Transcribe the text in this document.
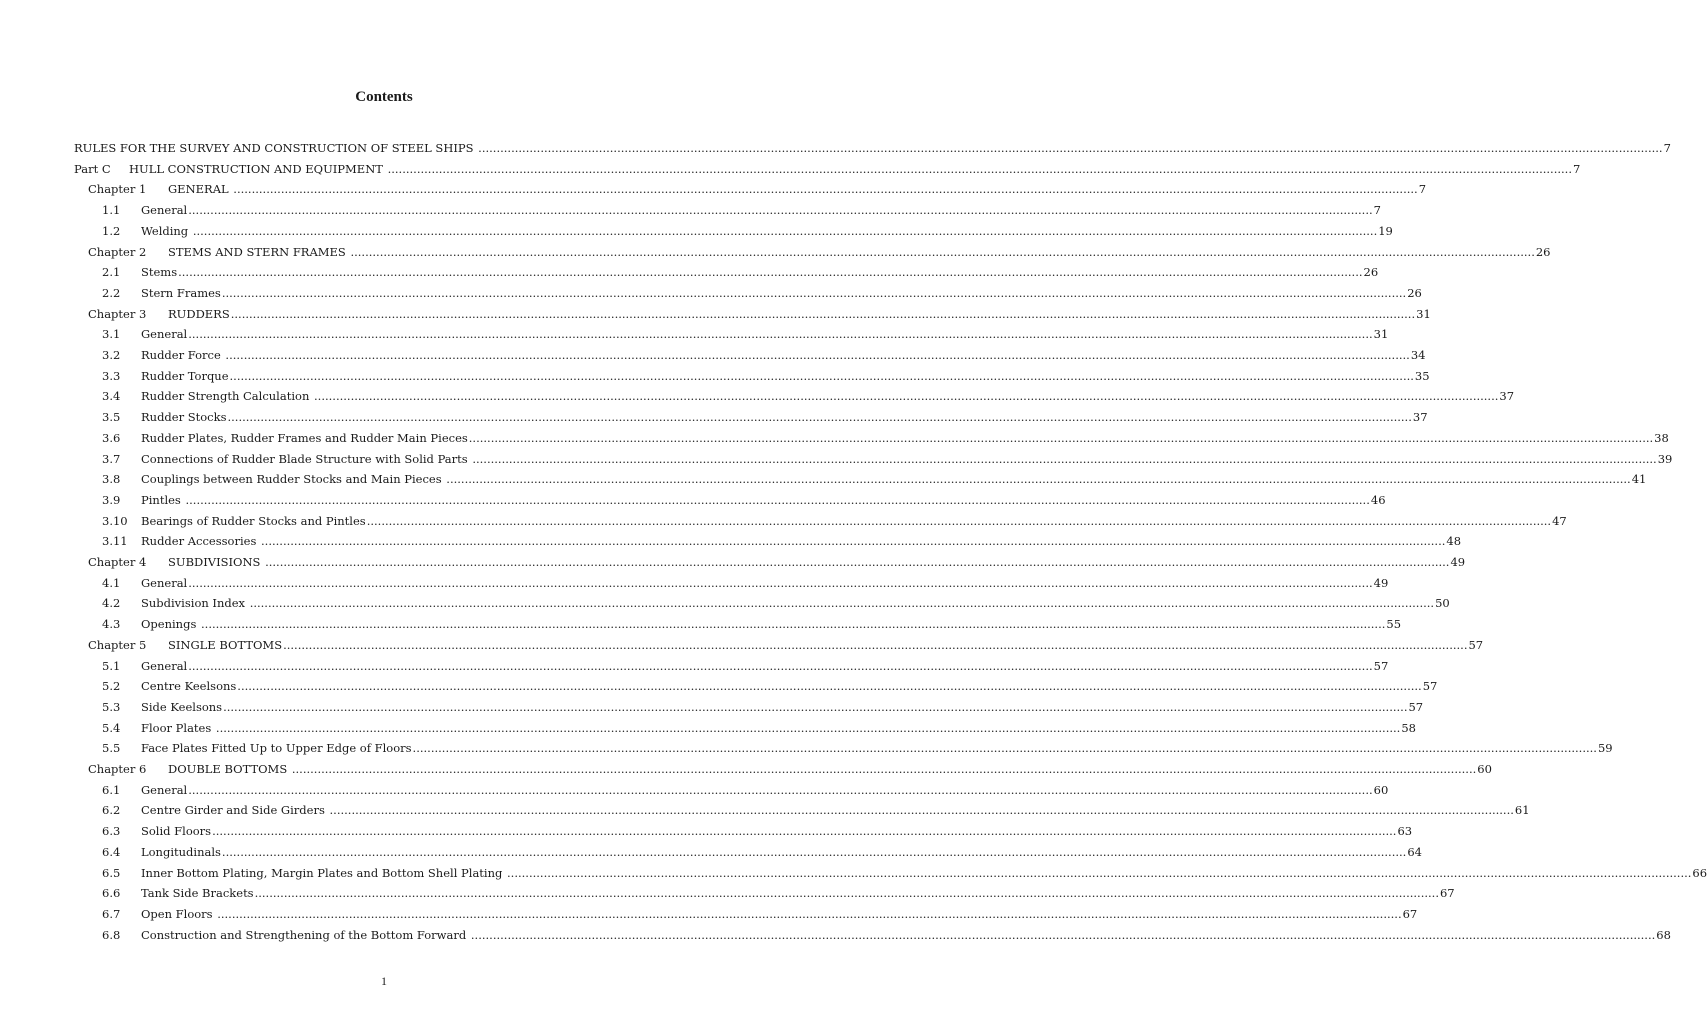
Contents
RULES FOR THE SURVEY AND CONSTRUCTION OF STEEL SHIPS .....	7
Part C HULL CONSTRUCTION AND EQUIPMENT .....	7
Chapter 1	GENERAL .....	7
1.1	General .....	7
1.2	Welding .....	19
Chapter 2	STEMS AND STERN FRAMES .....	26
2.1	Stems .....	26
2.2	Stern Frames .....	26
Chapter 3	RUDDERS .....	31
3.1	General .....	31
3.2	Rudder Force .....	34
3.3	Rudder Torque .....	35
3.4	Rudder Strength Calculation .....	37
3.5	Rudder Stocks .....	37
3.6	Rudder Plates, Rudder Frames and Rudder Main Pieces .....	38
3.7	Connections of Rudder Blade Structure with Solid Parts .....	39
3.8	Couplings between Rudder Stocks and Main Pieces .....	41
3.9	Pintles .....	46
3.10	Bearings of Rudder Stocks and Pintles .....	47
3.11	Rudder Accessories .....	48
Chapter 4	SUBDIVISIONS .....	49
4.1	General .....	49
4.2	Subdivision Index .....	50
4.3	Openings .....	55
Chapter 5	SINGLE BOTTOMS .....	57
5.1	General .....	57
5.2	Centre Keelsons .....	57
5.3	Side Keelsons .....	57
5.4	Floor Plates .....	58
5.5	Face Plates Fitted Up to Upper Edge of Floors .....	59
Chapter 6	DOUBLE BOTTOMS .....	60
6.1	General .....	60
6.2	Centre Girder and Side Girders .....	61
6.3	Solid Floors .....	63
6.4	Longitudinals .....	64
6.5	Inner Bottom Plating, Margin Plates and Bottom Shell Plating .....	66
6.6	Tank Side Brackets .....	67
6.7	Open Floors .....	67
6.8	Construction and Strengthening of the Bottom Forward .....	68
1
